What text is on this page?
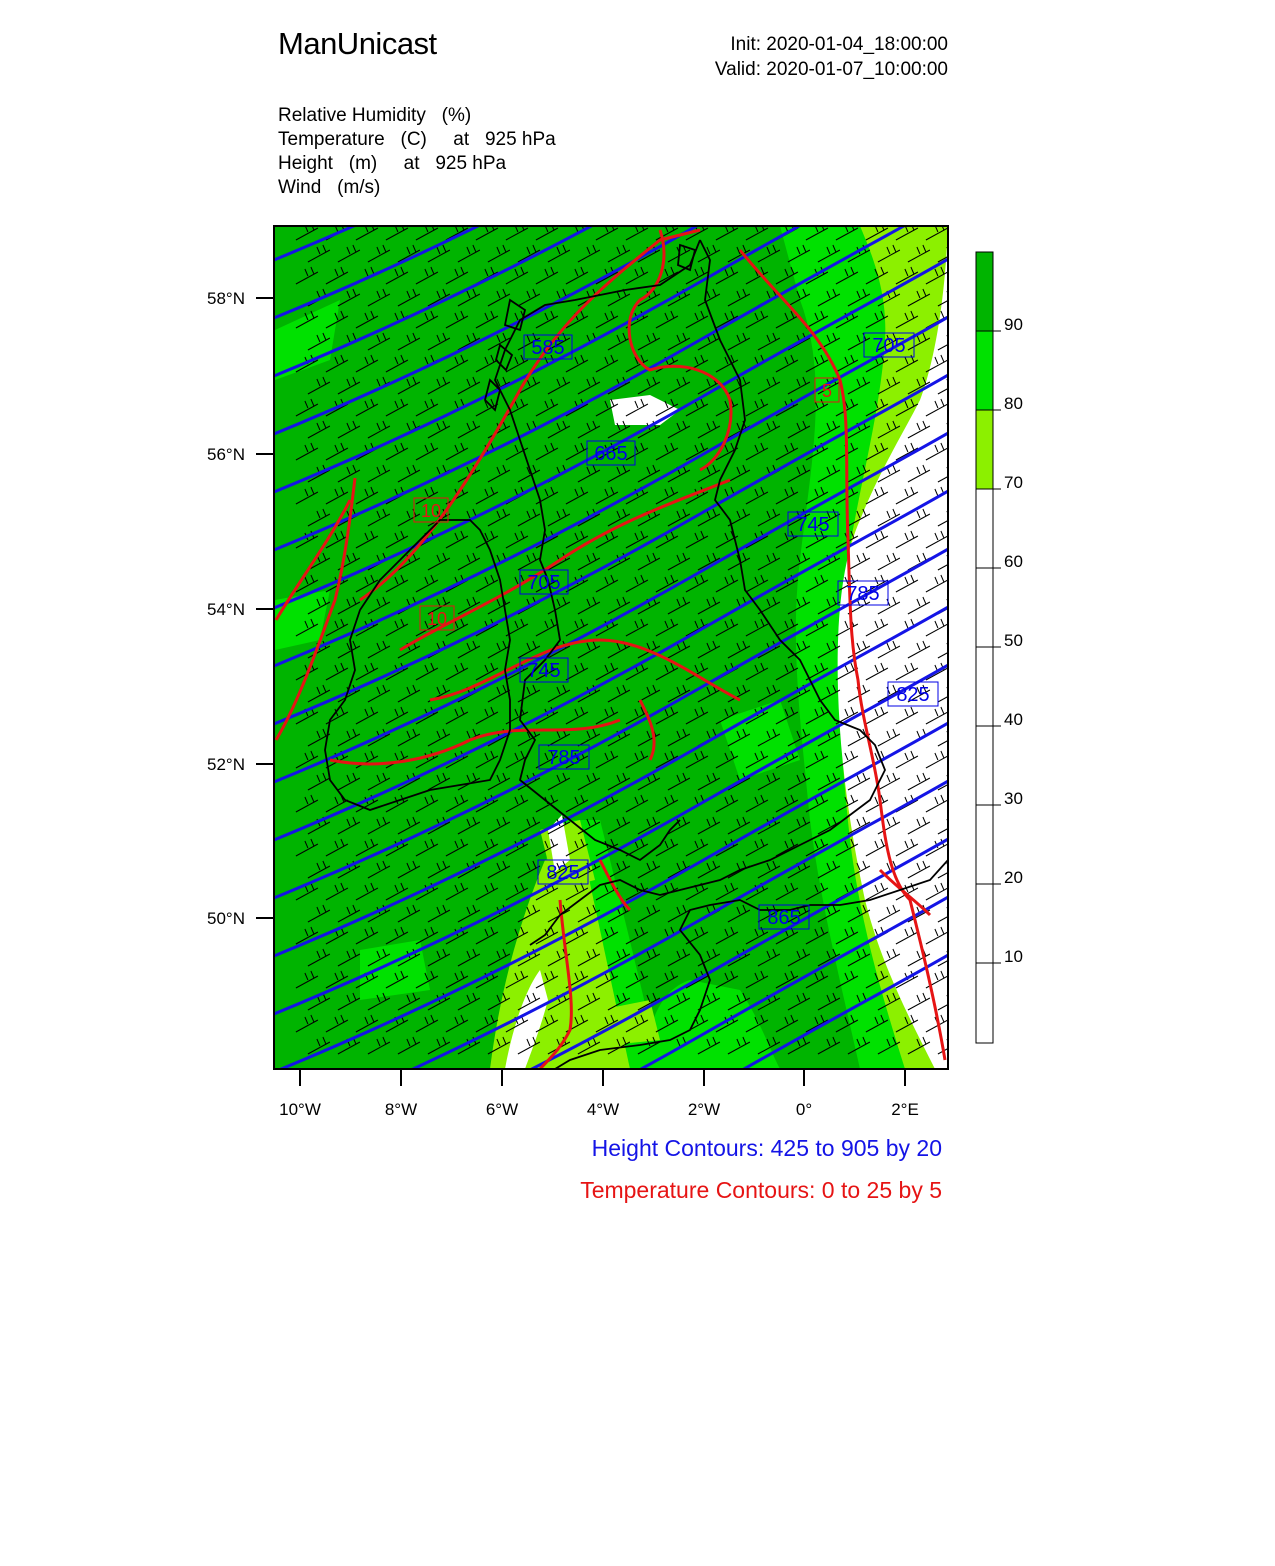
ManUnicast	Init: 2020-01-04_18:00:00
Valid: 2020-01-07_10:00:00
Relative Humidity   (%)
Temperature   (C)     at   925 hPa
Height   (m)     at   925 hPa
Wind   (m/s)
58°N
56°N
54°N
52°N
50°N
10°W	8°W	6°W	4°W	2°W	0°	2°E
585
665
705
705
745
745
785
785
825
825
865
10
10
5
90
80
70
60
50
40
30
20
10
Height Contours: 425 to 905 by 20
Temperature Contours: 0 to 25 by 5
